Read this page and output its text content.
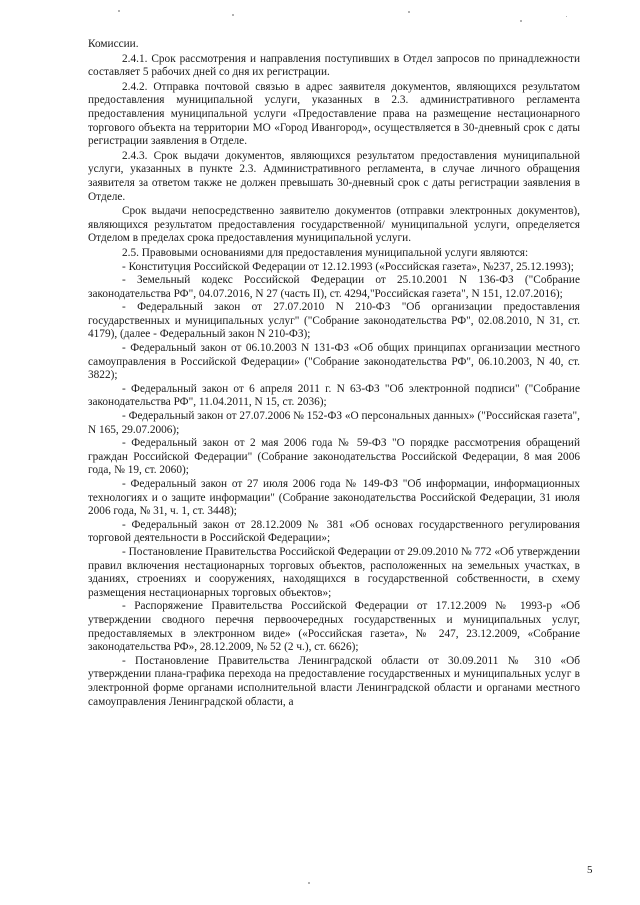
Комиссии.

2.4.1. Срок рассмотрения и направления поступивших в Отдел запросов по принадлежности составляет 5 рабочих дней со дня их регистрации.

2.4.2. Отправка почтовой связью в адрес заявителя документов, являющихся результатом предоставления муниципальной услуги, указанных в 2.3. административного регламента предоставления муниципальной услуги «Предоставление права на размещение нестационарного торгового объекта на территории МО «Город Ивангород», осуществляется в 30-дневный срок с даты регистрации заявления в Отделе.

2.4.3. Срок выдачи документов, являющихся результатом предоставления муниципальной услуги, указанных в пункте 2.3. Административного регламента, в случае личного обращения заявителя за ответом также не должен превышать 30-дневный срок с даты регистрации заявления в Отделе.

Срок выдачи непосредственно заявителю документов (отправки электронных документов), являющихся результатом предоставления государственной/ муниципальной услуги, определяется Отделом в пределах срока предоставления муниципальной услуги.

2.5. Правовыми основаниями для предоставления муниципальной услуги являются:

- Конституция Российской Федерации от 12.12.1993 («Российская газета», №237, 25.12.1993);

- Земельный кодекс Российской Федерации от 25.10.2001 N 136-ФЗ ("Собрание законодательства РФ", 04.07.2016, N 27 (часть II), ст. 4294,"Российская газета", N 151, 12.07.2016);

- Федеральный закон от 27.07.2010 N 210-ФЗ "Об организации предоставления государственных и муниципальных услуг" ("Собрание законодательства РФ", 02.08.2010, N 31, ст. 4179), (далее - Федеральный закон N 210-ФЗ);

- Федеральный закон от 06.10.2003 N 131-ФЗ «Об общих принципах организации местного самоуправления в Российской Федерации» ("Собрание законодательства РФ", 06.10.2003, N 40, ст. 3822);

- Федеральный закон от 6 апреля 2011 г. N 63-ФЗ "Об электронной подписи" ("Собрание законодательства РФ", 11.04.2011, N 15, ст. 2036);

- Федеральный закон от 27.07.2006 № 152-ФЗ «О персональных данных» ("Российская газета", N 165, 29.07.2006);

- Федеральный закон от 2 мая 2006 года № 59-ФЗ "О порядке рассмотрения обращений граждан Российской Федерации" (Собрание законодательства Российской Федерации, 8 мая 2006 года, № 19, ст. 2060);

- Федеральный закон от 27 июля 2006 года № 149-ФЗ "Об информации, информационных технологиях и о защите информации" (Собрание законодательства Российской Федерации, 31 июля 2006 года, № 31, ч. 1, ст. 3448);

- Федеральный закон от 28.12.2009 № 381 «Об основах государственного регулирования торговой деятельности в Российской Федерации»;

- Постановление Правительства Российской Федерации от 29.09.2010 № 772 «Об утверждении правил включения нестационарных торговых объектов, расположенных на земельных участках, в зданиях, строениях и сооружениях, находящихся в государственной собственности, в схему размещения нестационарных торговых объектов»;

- Распоряжение Правительства Российской Федерации от 17.12.2009 № 1993-р «Об утверждении сводного перечня первоочередных государственных и муниципальных услуг, предоставляемых в электронном виде» («Российская газета», № 247, 23.12.2009, «Собрание законодательства РФ», 28.12.2009, № 52 (2 ч.), ст. 6626);

- Постановление Правительства Ленинградской области от 30.09.2011 № 310 «Об утверждении плана-графика перехода на предоставление государственных и муниципальных услуг в электронной форме органами исполнительной власти Ленинградской области и органами местного самоуправления Ленинградской области, а

5
